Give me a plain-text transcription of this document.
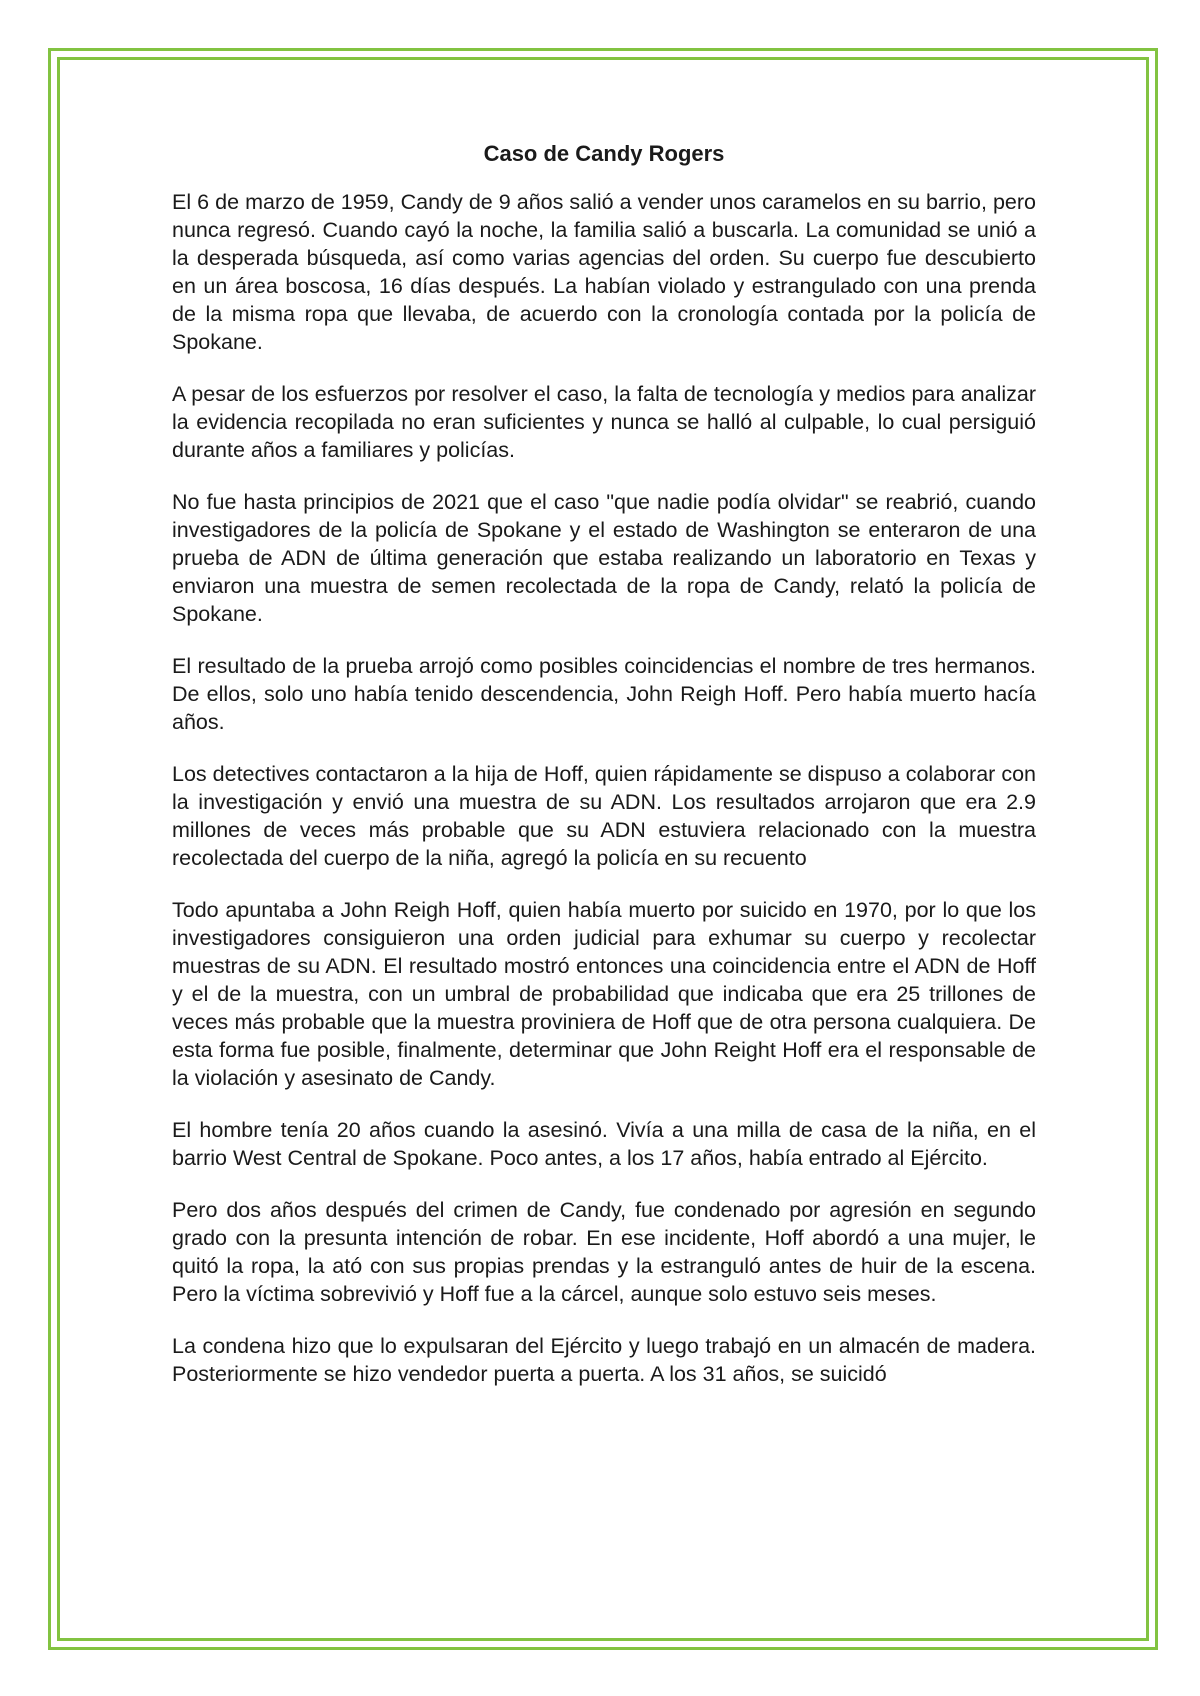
Caso de Candy Rogers

El 6 de marzo de 1959, Candy de 9 años salió a vender unos caramelos en su barrio, pero nunca regresó. Cuando cayó la noche, la familia salió a buscarla. La comunidad se unió a la desperada búsqueda, así como varias agencias del orden. Su cuerpo fue descubierto en un área boscosa, 16 días después. La habían violado y estrangulado con una prenda de la misma ropa que llevaba, de acuerdo con la cronología contada por la policía de Spokane.

A pesar de los esfuerzos por resolver el caso, la falta de tecnología y medios para analizar la evidencia recopilada no eran suficientes y nunca se halló al culpable, lo cual persiguió durante años a familiares y policías.

No fue hasta principios de 2021 que el caso "que nadie podía olvidar" se reabrió, cuando investigadores de la policía de Spokane y el estado de Washington se enteraron de una prueba de ADN de última generación que estaba realizando un laboratorio en Texas y enviaron una muestra de semen recolectada de la ropa de Candy, relató la policía de Spokane.

El resultado de la prueba arrojó como posibles coincidencias el nombre de tres hermanos. De ellos, solo uno había tenido descendencia, John Reigh Hoff. Pero había muerto hacía años.

Los detectives contactaron a la hija de Hoff, quien rápidamente se dispuso a colaborar con la investigación y envió una muestra de su ADN. Los resultados arrojaron que era 2.9 millones de veces más probable que su ADN estuviera relacionado con la muestra recolectada del cuerpo de la niña, agregó la policía en su recuento

Todo apuntaba a John Reigh Hoff, quien había muerto por suicido en 1970, por lo que los investigadores consiguieron una orden judicial para exhumar su cuerpo y recolectar muestras de su ADN. El resultado mostró entonces una coincidencia entre el ADN de Hoff y el de la muestra, con un umbral de probabilidad que indicaba que era 25 trillones de veces más probable que la muestra proviniera de Hoff que de otra persona cualquiera. De esta forma fue posible, finalmente, determinar que John Reight Hoff era el responsable de la violación y asesinato de Candy.

El hombre tenía 20 años cuando la asesinó. Vivía a una milla de casa de la niña, en el barrio West Central de Spokane. Poco antes, a los 17 años, había entrado al Ejército.

Pero dos años después del crimen de Candy, fue condenado por agresión en segundo grado con la presunta intención de robar. En ese incidente, Hoff abordó a una mujer, le quitó la ropa, la ató con sus propias prendas y la estranguló antes de huir de la escena. Pero la víctima sobrevivió y Hoff fue a la cárcel, aunque solo estuvo seis meses.

La condena hizo que lo expulsaran del Ejército y luego trabajó en un almacén de madera. Posteriormente se hizo vendedor puerta a puerta. A los 31 años, se suicidó
